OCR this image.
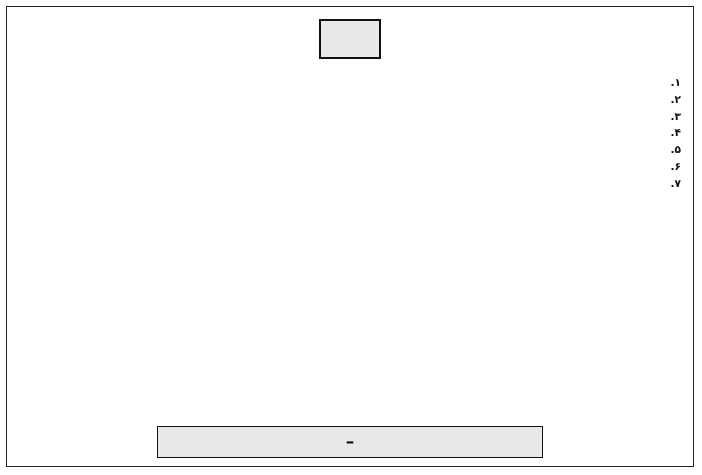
۱.

۲.

۳.

۴.

۵.

۶.

۷.

–
